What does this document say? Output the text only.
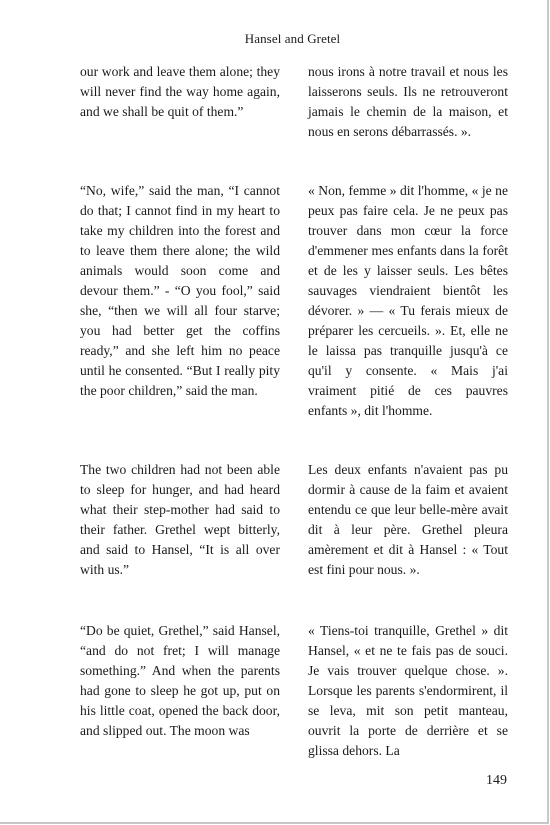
Hansel and Gretel

our work and leave them alone; they will never find the way home again, and we shall be quit of them.”

“No, wife,” said the man, “I cannot do that; I cannot find in my heart to take my children into the forest and to leave them there alone; the wild animals would soon come and devour them.” - “O you fool,” said she, “then we will all four starve; you had better get the coffins ready,” and she left him no peace until he consented. “But I really pity the poor children,” said the man.

The two children had not been able to sleep for hunger, and had heard what their step-mother had said to their father. Grethel wept bitterly, and said to Hansel, “It is all over with us.”

“Do be quiet, Grethel,” said Hansel, “and do not fret; I will manage something.” And when the parents had gone to sleep he got up, put on his little coat, opened the back door, and slipped out. The moon was

nous irons à notre travail et nous les laisserons seuls. Ils ne retrouveront jamais le chemin de la maison, et nous en serons débarrassés. ».

« Non, femme » dit l'homme, « je ne peux pas faire cela. Je ne peux pas trouver dans mon cœur la force d'emmener mes enfants dans la forêt et de les y laisser seuls. Les bêtes sauvages viendraient bientôt les dévorer. » — « Tu ferais mieux de préparer les cercueils. ». Et, elle ne le laissa pas tranquille jusqu'à ce qu'il y consente. « Mais j'ai vraiment pitié de ces pauvres enfants », dit l'homme.

Les deux enfants n'avaient pas pu dormir à cause de la faim et avaient entendu ce que leur belle-mère avait dit à leur père. Grethel pleura amèrement et dit à Hansel : « Tout est fini pour nous. ».

« Tiens-toi tranquille, Grethel » dit Hansel, « et ne te fais pas de souci. Je vais trouver quelque chose. ». Lorsque les parents s'endormirent, il se leva, mit son petit manteau, ouvrit la porte de derrière et se glissa dehors. La

149
